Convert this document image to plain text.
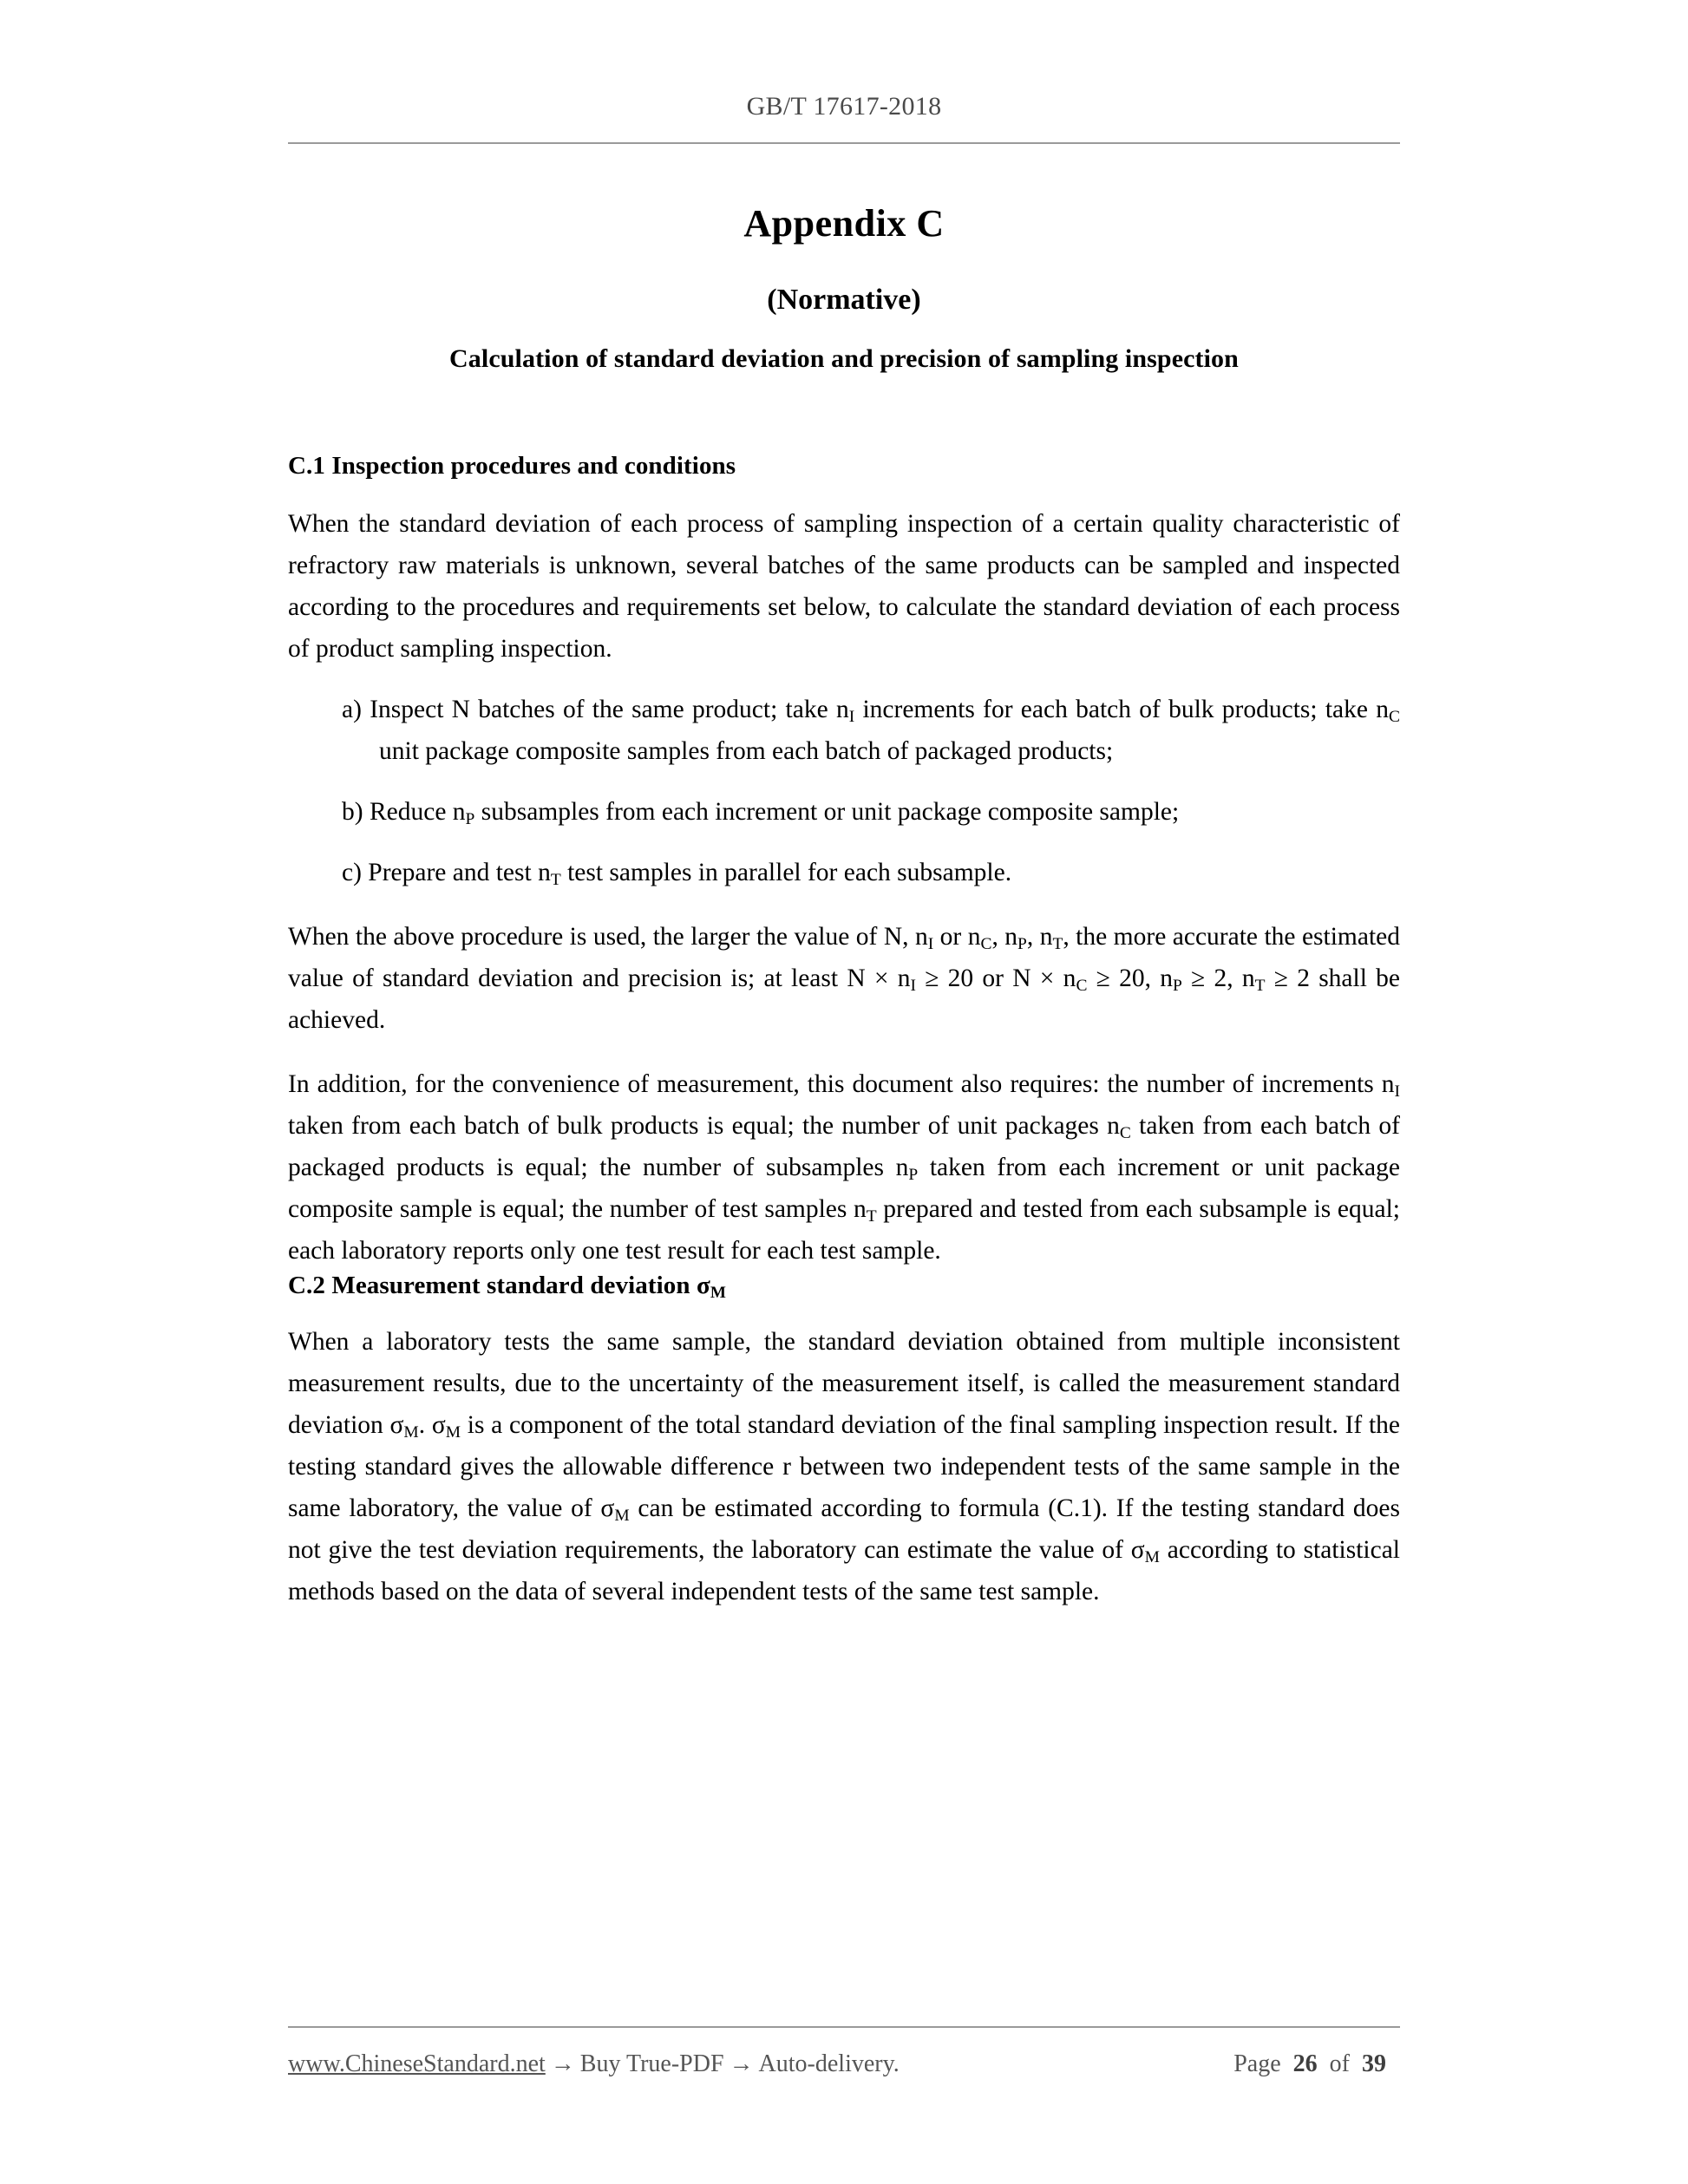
GB/T 17617-2018
Appendix C
(Normative)
Calculation of standard deviation and precision of sampling inspection
C.1 Inspection procedures and conditions

When the standard deviation of each process of sampling inspection of a certain quality characteristic of refractory raw materials is unknown, several batches of the same products can be sampled and inspected according to the procedures and requirements set below, to calculate the standard deviation of each process of product sampling inspection.

a) Inspect N batches of the same product; take $n_I$ increments for each batch of bulk products; take $n_C$ unit package composite samples from each batch of packaged products;
b) Reduce $n_P$ subsamples from each increment or unit package composite sample;
c) Prepare and test $n_T$ test samples in parallel for each subsample.

When the above procedure is used, the larger the value of N, $n_I$ or $n_C$, $n_P$, $n_T$, the more accurate the estimated value of standard deviation and precision is; at least $N \times n_I \ge 20$ or $N \times n_C \ge 20$, $n_P \ge 2$, $n_T \ge 2$ shall be achieved.

In addition, for the convenience of measurement, this document also requires: the number of increments $n_I$ taken from each batch of bulk products is equal; the number of unit packages $n_C$ taken from each batch of packaged products is equal; the number of subsamples $n_P$ taken from each increment or unit package composite sample is equal; the number of test samples $n_T$ prepared and tested from each subsample is equal; each laboratory reports only one test result for each test sample.

C.2 Measurement standard deviation $\sigma_M$

When a laboratory tests the same sample, the standard deviation obtained from multiple inconsistent measurement results, due to the uncertainty of the measurement itself, is called the measurement standard deviation $\sigma_M$. $\sigma_M$ is a component of the total standard deviation of the final sampling inspection result. If the testing standard gives the allowable difference r between two independent tests of the same sample in the same laboratory, the value of $\sigma_M$ can be estimated according to formula (C.1). If the testing standard does not give the test deviation requirements, the laboratory can estimate the value of $\sigma_M$ according to statistical methods based on the data of several independent tests of the same test sample.

www.ChineseStandard.net → Buy True-PDF → Auto-delivery.	Page 26 of 39
